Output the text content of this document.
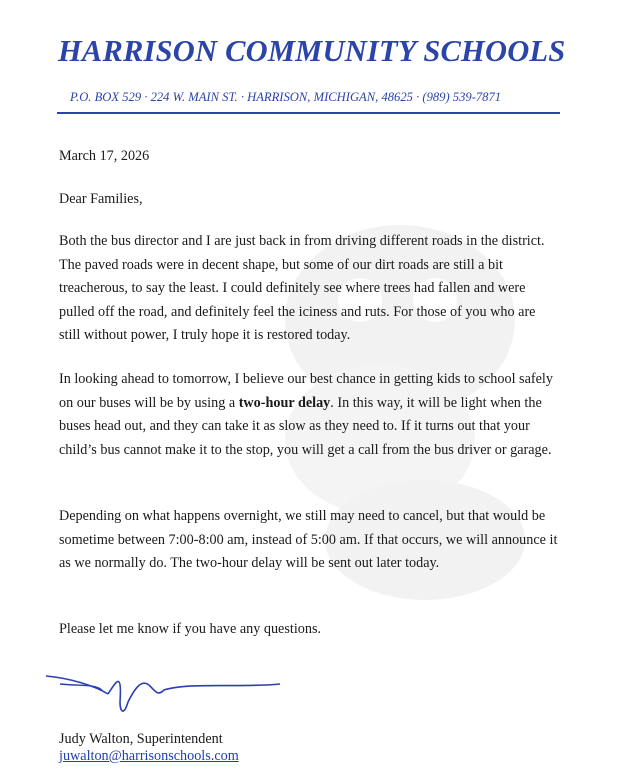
HARRISON COMMUNITY SCHOOLS
P.O. BOX 529 · 224 W. MAIN ST. · HARRISON, MICHIGAN, 48625 · (989) 539-7871

March 17, 2026

Dear Families,

Both the bus director and I are just back in from driving different roads in the district. The paved roads were in decent shape, but some of our dirt roads are still a bit treacherous, to say the least. I could definitely see where trees had fallen and were pulled off the road, and definitely feel the iciness and ruts. For those of you who are still without power, I truly hope it is restored today.

In looking ahead to tomorrow, I believe our best chance in getting kids to school safely on our buses will be by using a two-hour delay. In this way, it will be light when the buses head out, and they can take it as slow as they need to. If it turns out that your child’s bus cannot make it to the stop, you will get a call from the bus driver or garage.

Depending on what happens overnight, we still may need to cancel, but that would be sometime between 7:00-8:00 am, instead of 5:00 am. If that occurs, we will announce it as we normally do. The two-hour delay will be sent out later today.

Please let me know if you have any questions.

Judy Walton, Superintendent
juwalton@harrisonschools.com
